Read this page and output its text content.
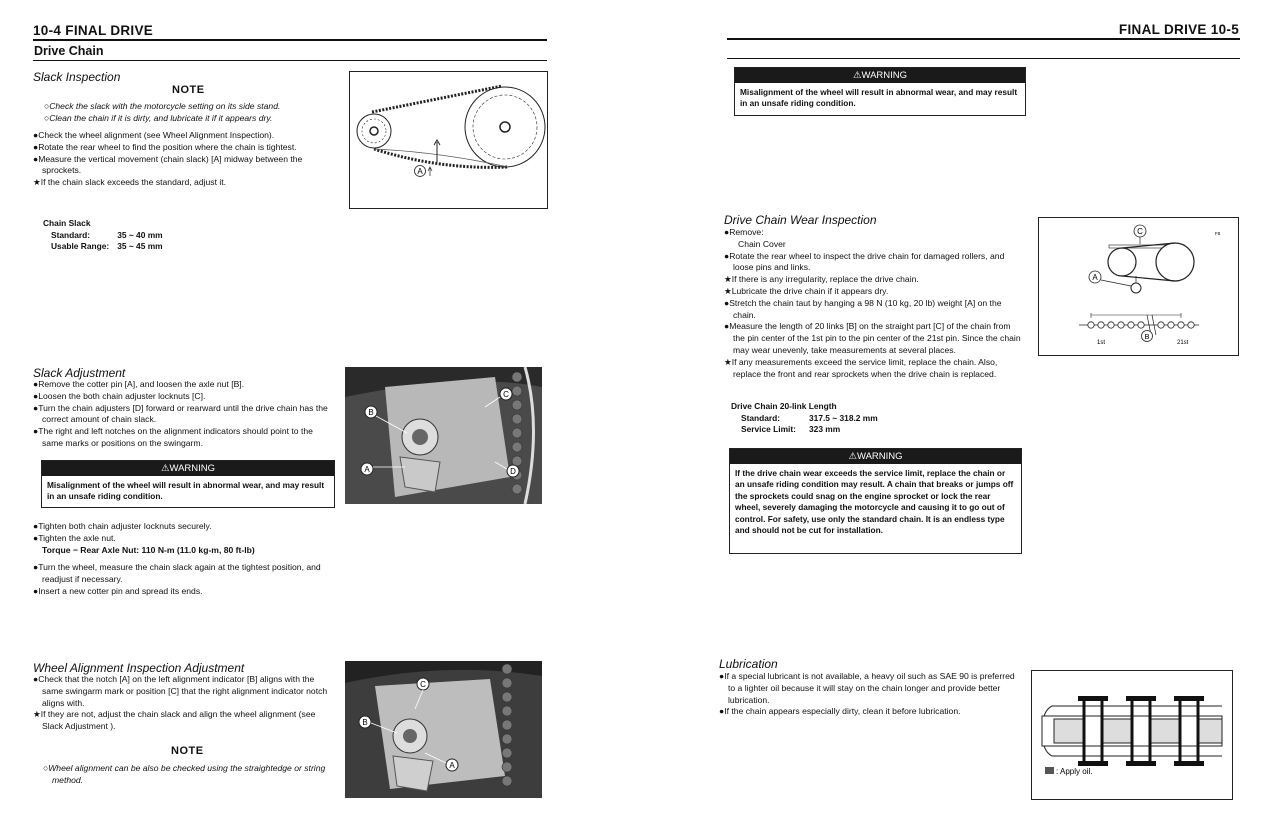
10-4 FINAL DRIVE
Drive Chain
Slack Inspection
NOTE
○Check the slack with the motorcycle setting on its side stand.
○Clean the chain if it is dirty, and lubricate it if it appears dry.

●Check the wheel alignment (see Wheel Alignment Inspection).

●Rotate the rear wheel to find the position where the chain is tightest.

●Measure the vertical movement (chain slack) [A] midway between the sprockets.

★If the chain slack exceeds the standard, adjust it.

Chain Slack
Standard:	35 ~ 40 mm
Usable Range:	35 ~ 45 mm
A
Slack Adjustment

●Remove the cotter pin [A], and loosen the axle nut [B].

●Loosen the both chain adjuster locknuts [C].

●Turn the chain adjusters [D] forward or rearward until the drive chain has the correct amount of chain slack.

●The right and left notches on the alignment indicators should point to the same marks or positions on the swingarm.

⚠WARNING
Misalignment of the wheel will result in abnormal wear, and may result in an unsafe riding condition.

●Tighten both chain adjuster locknuts securely.

●Tighten the axle nut.

Torque − Rear Axle Nut: 110 N-m (11.0 kg-m, 80 ft-lb)

●Turn the wheel, measure the chain slack again at the tightest position, and readjust if necessary.

●Insert a new cotter pin and spread its ends.

B
C
A	D
Wheel Alignment Inspection Adjustment

●Check that the notch [A] on the left alignment indicator [B] aligns with the same swingarm mark or position [C] that the right alignment indicator notch aligns with.

★If they are not, adjust the chain slack and align the wheel alignment (see Slack Adjustment ).

NOTE
○Wheel alignment can be also be checked using the straightedge or string method.
C
B
A
FINAL DRIVE 10-5
⚠WARNING
Misalignment of the wheel will result in abnormal wear, and may result in an unsafe riding condition.
Drive Chain Wear Inspection

●Remove:

Chain Cover

●Rotate the rear wheel to inspect the drive chain for damaged rollers, and loose pins and links.

★If there is any irregularity, replace the drive chain.

★Lubricate the drive chain if it appears dry.

●Stretch the chain taut by hanging a 98 N (10 kg, 20 lb) weight [A] on the chain.

●Measure the length of 20 links [B] on the straight part [C] of the chain from the pin center of the 1st pin to the pin center of the 21st pin. Since the chain may wear unevenly, take measurements at several places.

★If any measurements exceed the service limit, replace the chain. Also, replace the front and rear sprockets when the drive chain is replaced.

Drive Chain 20-link Length
Standard:	317.5 ~ 318.2 mm
Service Limit:	323 mm
⚠WARNING
If the drive chain wear exceeds the service limit, replace the chain or an unsafe riding condition may result. A chain that breaks or jumps off the sprockets could snag on the engine sprocket or lock the rear wheel, severely damaging the motorcycle and causing it to go out of control. For safety, use only the standard chain. It is an endless type and should not be cut for installation.
F8
C
A
B
1st	21st
Lubrication

●If a special lubricant is not available, a heavy oil such as SAE 90 is preferred to a lighter oil because it will stay on the chain longer and provide better lubrication.

●If the chain appears especially dirty, clean it before lubrication.

: Apply oil.
